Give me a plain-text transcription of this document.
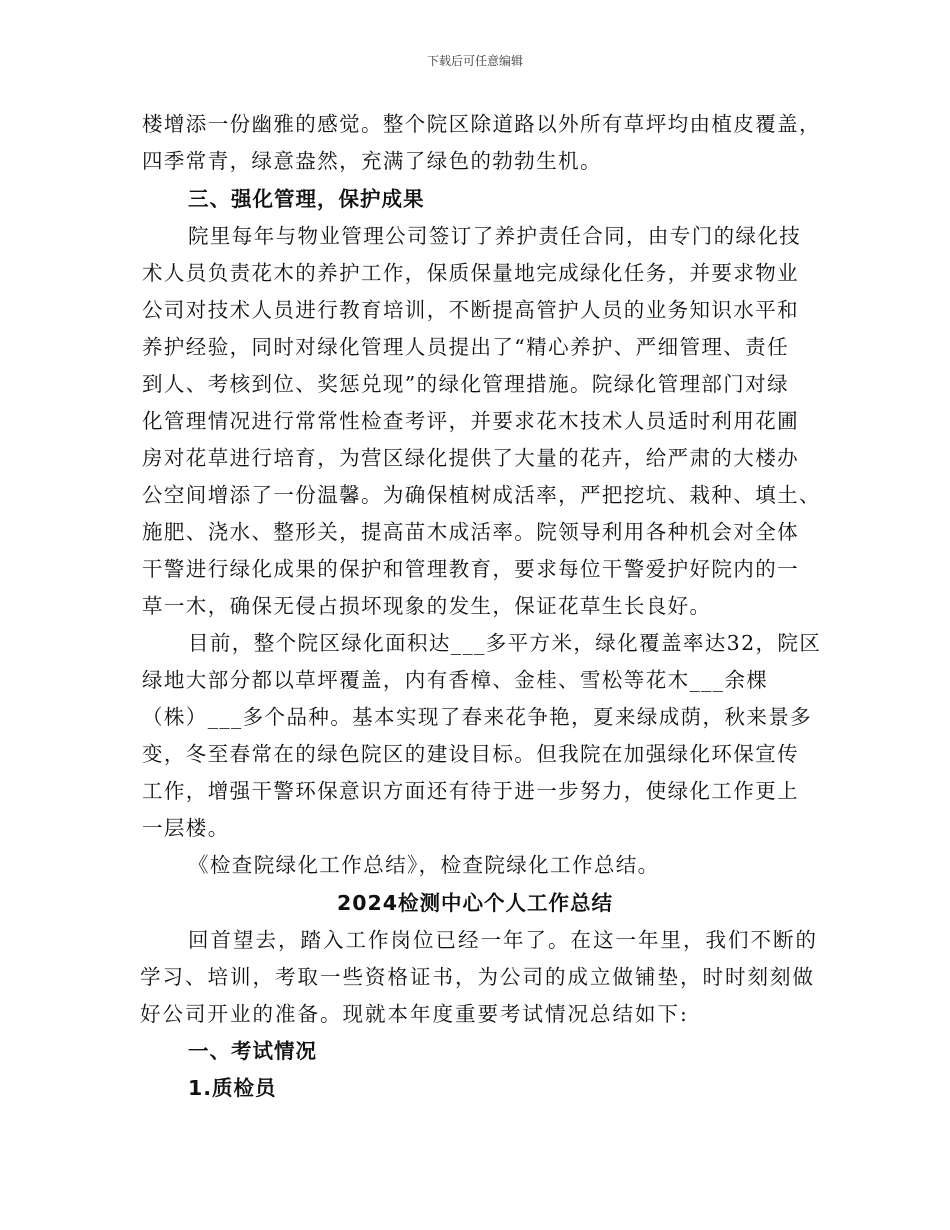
下载后可任意编辑
楼增添一份幽雅的感觉。整个院区除道路以外所有草坪均由植皮覆盖，
四季常青，绿意盎然，充满了绿色的勃勃生机。
三、强化管理，保护成果
院里每年与物业管理公司签订了养护责任合同，由专门的绿化技
术人员负责花木的养护工作，保质保量地完成绿化任务，并要求物业
公司对技术人员进行教育培训，不断提高管护人员的业务知识水平和
养护经验，同时对绿化管理人员提出了“精心养护、严细管理、责任
到人、考核到位、奖惩兑现”的绿化管理措施。院绿化管理部门对绿
化管理情况进行常常性检查考评，并要求花木技术人员适时利用花圃
房对花草进行培育，为营区绿化提供了大量的花卉，给严肃的大楼办
公空间增添了一份温馨。为确保植树成活率，严把挖坑、栽种、填土、
施肥、浇水、整形关，提高苗木成活率。院领导利用各种机会对全体
干警进行绿化成果的保护和管理教育，要求每位干警爱护好院内的一
草一木，确保无侵占损坏现象的发生，保证花草生长良好。
目前，整个院区绿化面积达___多平方米，绿化覆盖率达32，院区
绿地大部分都以草坪覆盖，内有香樟、金桂、雪松等花木___余棵
（株）___多个品种。基本实现了春来花争艳，夏来绿成荫，秋来景多
变，冬至春常在的绿色院区的建设目标。但我院在加强绿化环保宣传
工作，增强干警环保意识方面还有待于进一步努力，使绿化工作更上
一层楼。
《检查院绿化工作总结》，检查院绿化工作总结。
2024检测中心个人工作总结
回首望去，踏入工作岗位已经一年了。在这一年里，我们不断的
学习、培训，考取一些资格证书，为公司的成立做铺垫，时时刻刻做
好公司开业的准备。现就本年度重要考试情况总结如下:
一、考试情况
1.质检员
